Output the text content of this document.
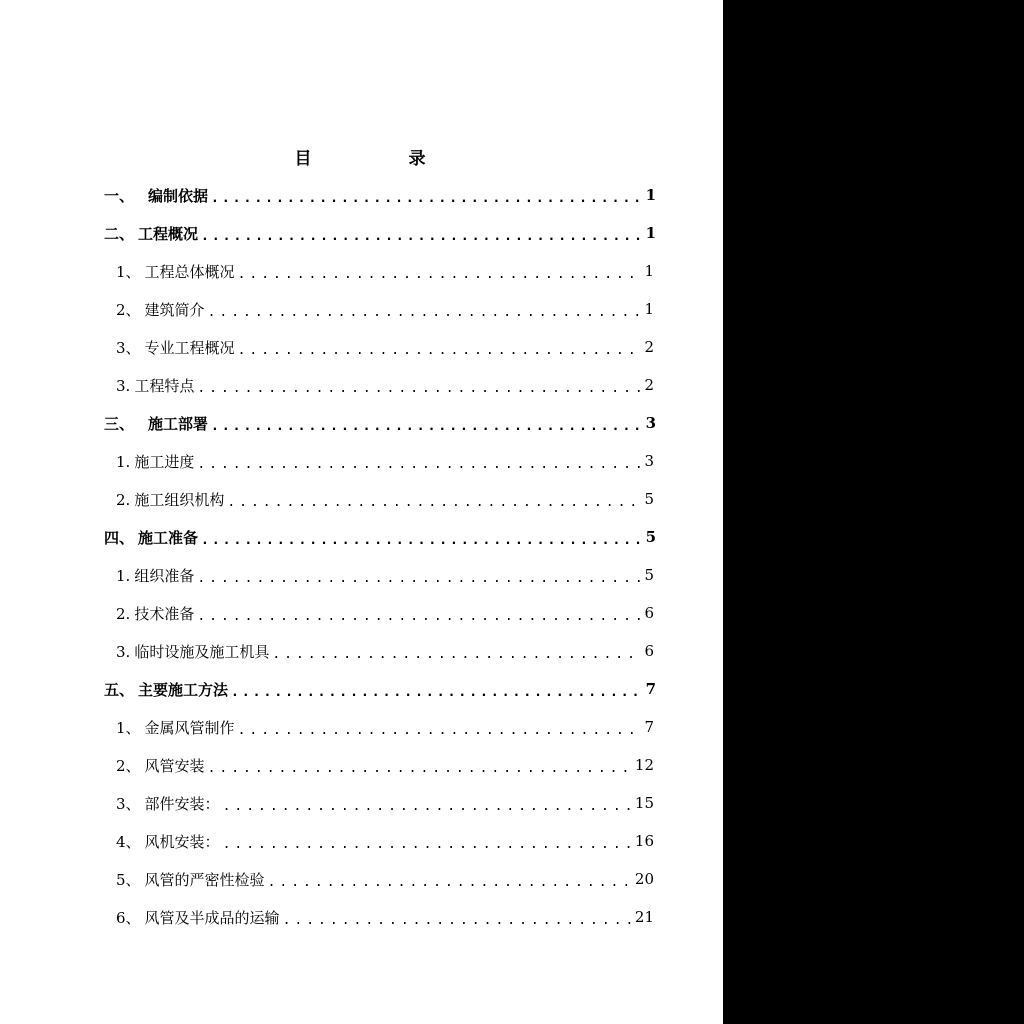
目　录
一、 编制依据 .....	1
二、 工程概况 .....	1
1、 工程总体概况 .....	1
2、 建筑简介 .....	1
3、 专业工程概况 .....	2
3. 工程特点 .....	2
三、 施工部署 .....	3
1. 施工进度 .....	3
2. 施工组织机构 .....	5
四、 施工准备 .....	5
1. 组织准备 .....	5
2. 技术准备 .....	6
3. 临时设施及施工机具 .....	6
五、 主要施工方法 .....	7
1、 金属风管制作 .....	7
2、 风管安装 .....	12
3、 部件安装： .....	15
4、 风机安装： .....	16
5、 风管的严密性检验 .....	20
6、 风管及半成品的运输 .....	21
